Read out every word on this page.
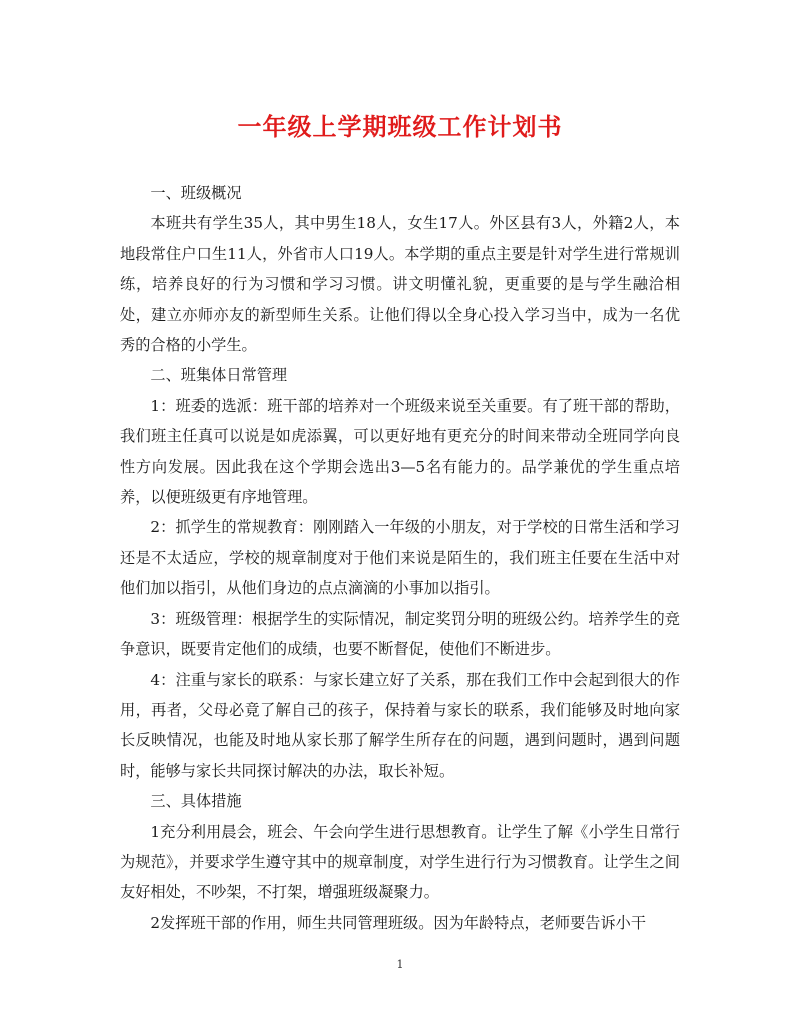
一年级上学期班级工作计划书

一、班级概况

本班共有学生35人，其中男生18人，女生17人。外区县有3人，外籍2人，本地段常住户口生11人，外省市人口19人。本学期的重点主要是针对学生进行常规训练，培养良好的行为习惯和学习习惯。讲文明懂礼貌，更重要的是与学生融洽相处，建立亦师亦友的新型师生关系。让他们得以全身心投入学习当中，成为一名优秀的合格的小学生。

二、班集体日常管理

1：班委的选派：班干部的培养对一个班级来说至关重要。有了班干部的帮助，我们班主任真可以说是如虎添翼，可以更好地有更充分的时间来带动全班同学向良性方向发展。因此我在这个学期会选出3—5名有能力的。品学兼优的学生重点培养，以便班级更有序地管理。

2：抓学生的常规教育：刚刚踏入一年级的小朋友，对于学校的日常生活和学习还是不太适应，学校的规章制度对于他们来说是陌生的，我们班主任要在生活中对他们加以指引，从他们身边的点点滴滴的小事加以指引。

3：班级管理：根据学生的实际情况，制定奖罚分明的班级公约。培养学生的竞争意识，既要肯定他们的成绩，也要不断督促，使他们不断进步。

4：注重与家长的联系：与家长建立好了关系，那在我们工作中会起到很大的作用，再者，父母必竟了解自己的孩子，保持着与家长的联系，我们能够及时地向家长反映情况，也能及时地从家长那了解学生所存在的问题，遇到问题时，遇到问题时，能够与家长共同探讨解决的办法，取长补短。

三、具体措施

1充分利用晨会，班会、午会向学生进行思想教育。让学生了解《小学生日常行为规范》，并要求学生遵守其中的规章制度，对学生进行行为习惯教育。让学生之间友好相处，不吵架，不打架，增强班级凝聚力。

2发挥班干部的作用，师生共同管理班级。因为年龄特点，老师要告诉小干

1
